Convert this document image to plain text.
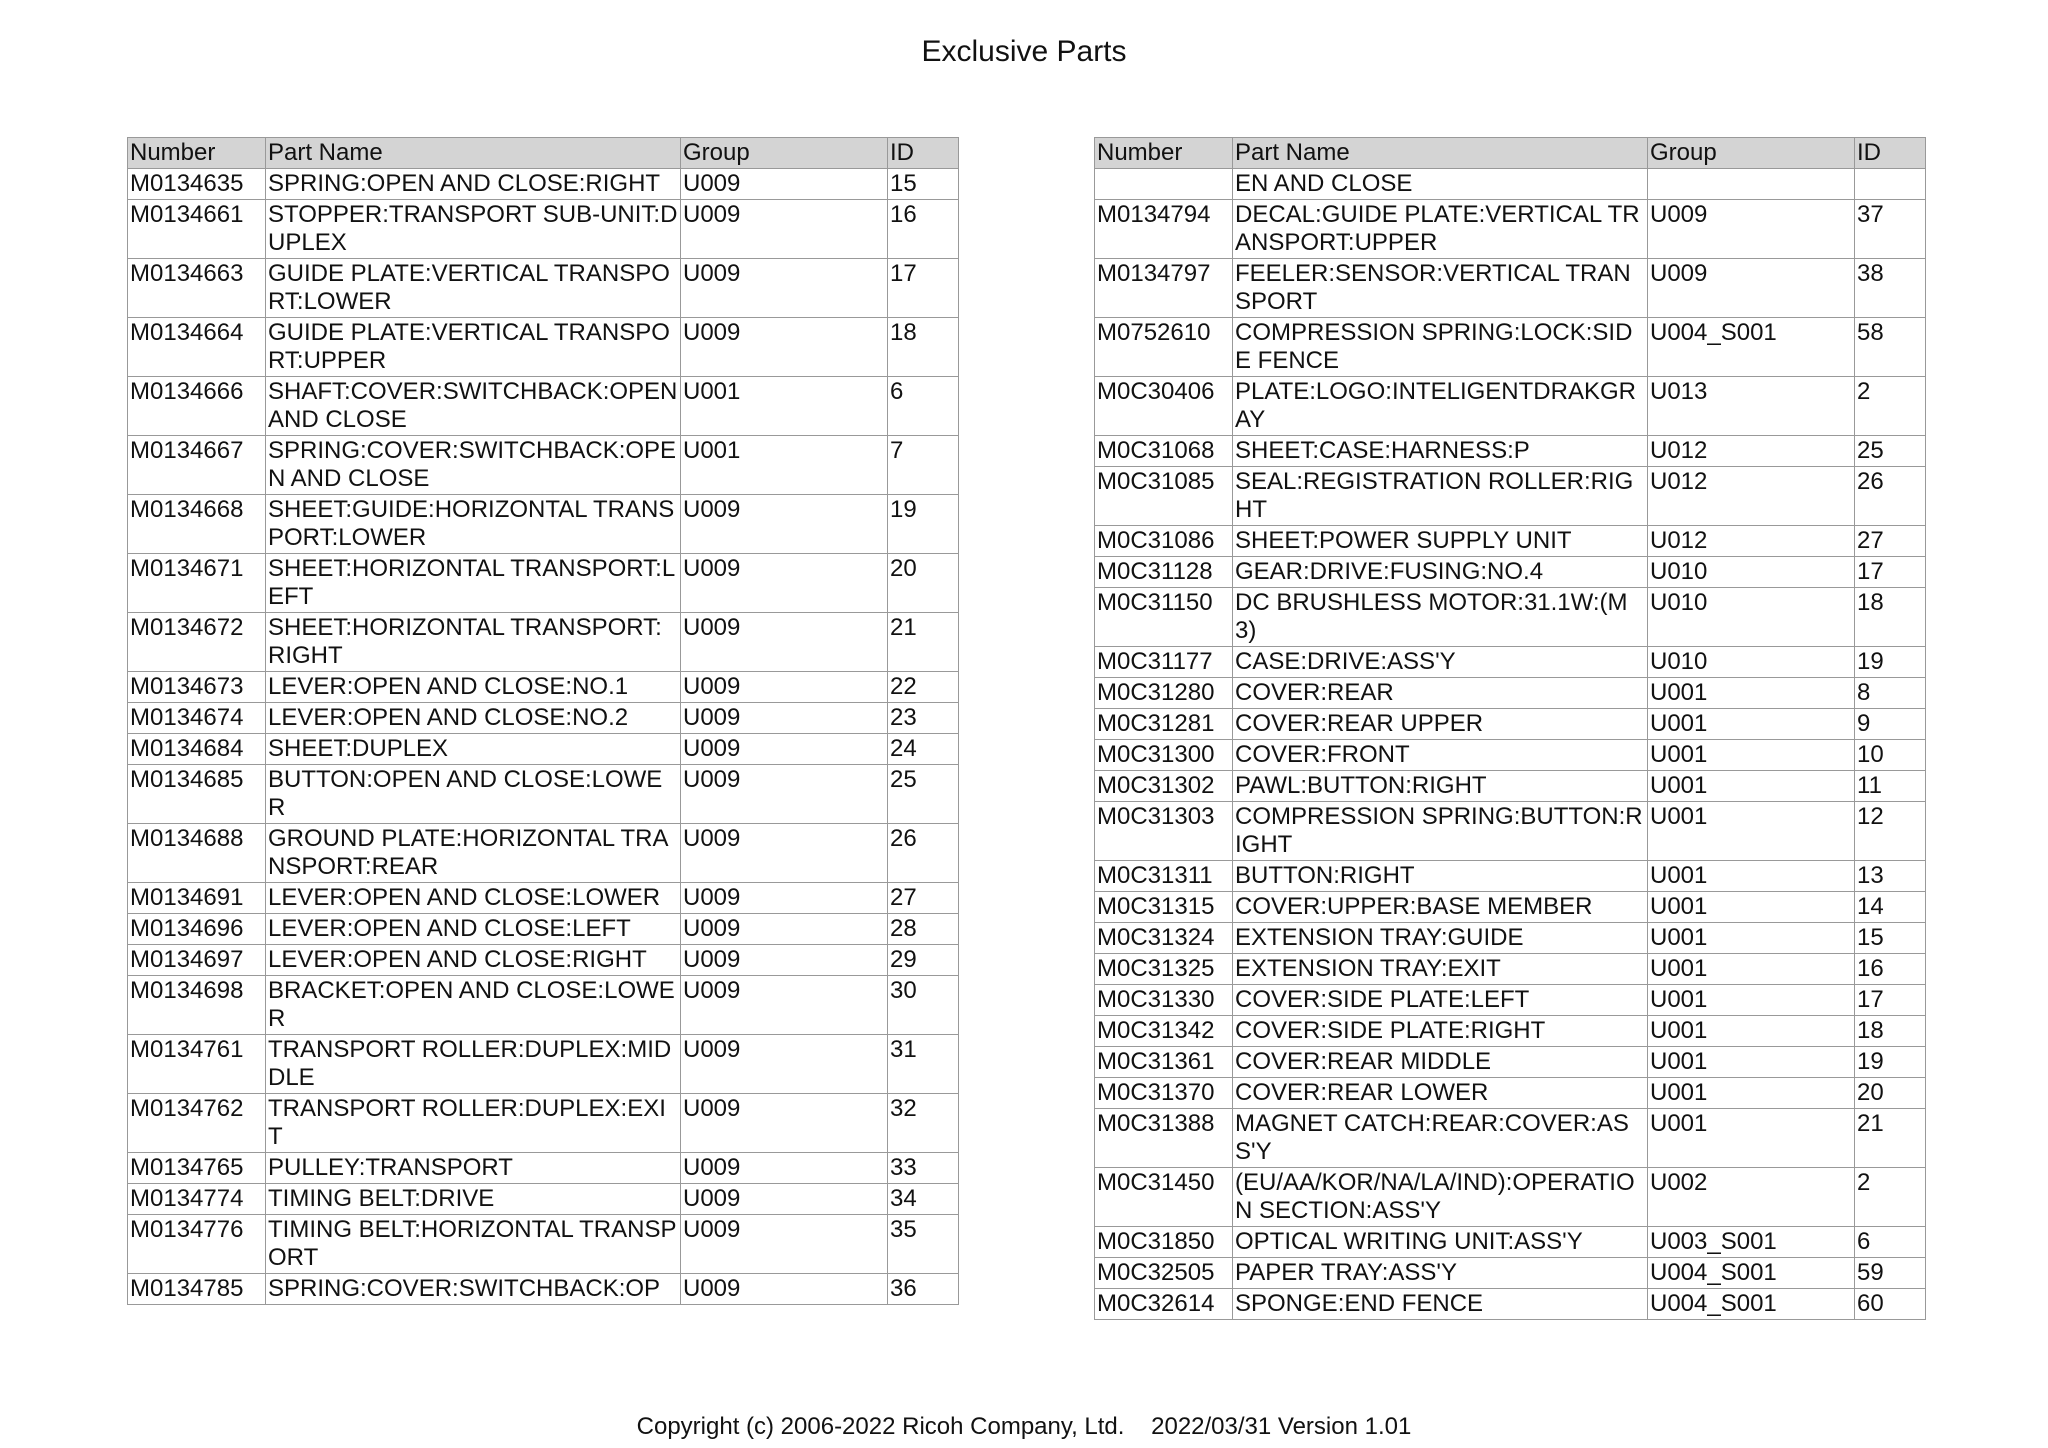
Exclusive Parts
Number	Part Name	Group	ID
M0134635	SPRING:OPEN AND CLOSE:RIGHT	U009	15
M0134661	STOPPER:TRANSPORT SUB-UNIT:DUPLEX	U009	16
M0134663	GUIDE PLATE:VERTICAL TRANSPORT:LOWER	U009	17
M0134664	GUIDE PLATE:VERTICAL TRANSPORT:UPPER	U009	18
M0134666	SHAFT:COVER:SWITCHBACK:OPEN AND CLOSE	U001	6
M0134667	SPRING:COVER:SWITCHBACK:OPEN AND CLOSE	U001	7
M0134668	SHEET:GUIDE:HORIZONTAL TRANSPORT:LOWER	U009	19
M0134671	SHEET:HORIZONTAL TRANSPORT:LEFT	U009	20
M0134672	SHEET:HORIZONTAL TRANSPORT:RIGHT	U009	21
M0134673	LEVER:OPEN AND CLOSE:NO.1	U009	22
M0134674	LEVER:OPEN AND CLOSE:NO.2	U009	23
M0134684	SHEET:DUPLEX	U009	24
M0134685	BUTTON:OPEN AND CLOSE:LOWER	U009	25
M0134688	GROUND PLATE:HORIZONTAL TRANSPORT:REAR	U009	26
M0134691	LEVER:OPEN AND CLOSE:LOWER	U009	27
M0134696	LEVER:OPEN AND CLOSE:LEFT	U009	28
M0134697	LEVER:OPEN AND CLOSE:RIGHT	U009	29
M0134698	BRACKET:OPEN AND CLOSE:LOWER	U009	30
M0134761	TRANSPORT ROLLER:DUPLEX:MIDDLE	U009	31
M0134762	TRANSPORT ROLLER:DUPLEX:EXIT	U009	32
M0134765	PULLEY:TRANSPORT	U009	33
M0134774	TIMING BELT:DRIVE	U009	34
M0134776	TIMING BELT:HORIZONTAL TRANSPORT	U009	35
M0134785	SPRING:COVER:SWITCHBACK:OP	U009	36
Number	Part Name	Group	ID
	EN AND CLOSE		
M0134794	DECAL:GUIDE PLATE:VERTICAL TRANSPORT:UPPER	U009	37
M0134797	FEELER:SENSOR:VERTICAL TRANSPORT	U009	38
M0752610	COMPRESSION SPRING:LOCK:SIDE FENCE	U004_S001	58
M0C30406	PLATE:LOGO:INTELIGENTDRAKGRAY	U013	2
M0C31068	SHEET:CASE:HARNESS:P	U012	25
M0C31085	SEAL:REGISTRATION ROLLER:RIGHT	U012	26
M0C31086	SHEET:POWER SUPPLY UNIT	U012	27
M0C31128	GEAR:DRIVE:FUSING:NO.4	U010	17
M0C31150	DC BRUSHLESS MOTOR:31.1W:(M3)	U010	18
M0C31177	CASE:DRIVE:ASS'Y	U010	19
M0C31280	COVER:REAR	U001	8
M0C31281	COVER:REAR UPPER	U001	9
M0C31300	COVER:FRONT	U001	10
M0C31302	PAWL:BUTTON:RIGHT	U001	11
M0C31303	COMPRESSION SPRING:BUTTON:RIGHT	U001	12
M0C31311	BUTTON:RIGHT	U001	13
M0C31315	COVER:UPPER:BASE MEMBER	U001	14
M0C31324	EXTENSION TRAY:GUIDE	U001	15
M0C31325	EXTENSION TRAY:EXIT	U001	16
M0C31330	COVER:SIDE PLATE:LEFT	U001	17
M0C31342	COVER:SIDE PLATE:RIGHT	U001	18
M0C31361	COVER:REAR MIDDLE	U001	19
M0C31370	COVER:REAR LOWER	U001	20
M0C31388	MAGNET CATCH:REAR:COVER:ASS'Y	U001	21
M0C31450	(EU/AA/KOR/NA/LA/IND):OPERATION SECTION:ASS'Y	U002	2
M0C31850	OPTICAL WRITING UNIT:ASS'Y	U003_S001	6
M0C32505	PAPER TRAY:ASS'Y	U004_S001	59
M0C32614	SPONGE:END FENCE	U004_S001	60
Copyright (c) 2006-2022 Ricoh Company, Ltd.    2022/03/31 Version 1.01
